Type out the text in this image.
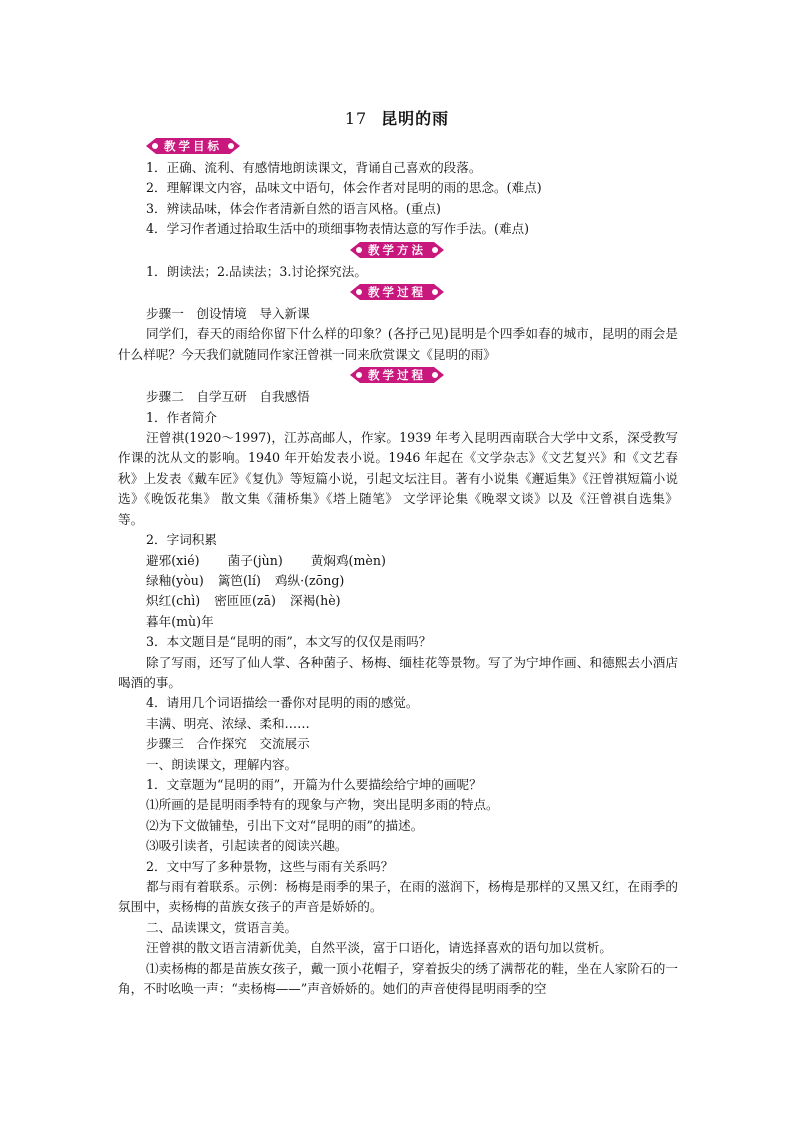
17 昆明的雨
教学目标
1．正确、流利、有感情地朗读课文，背诵自己喜欢的段落。
2．理解课文内容，品味文中语句，体会作者对昆明的雨的思念。(难点)
3．辨读品味，体会作者清新自然的语言风格。(重点)
4．学习作者通过拾取生活中的琐细事物表情达意的写作手法。(难点)
教学方法
1．朗读法；2.品读法；3.讨论探究法。
教学过程
步骤一　创设情境　导入新课
同学们，春天的雨给你留下什么样的印象？(各抒己见)昆明是个四季如春的城市，昆明的雨会是什么样呢？今天我们就随同作家汪曾祺一同来欣赏课文《昆明的雨》
教学过程
步骤二　自学互研　自我感悟
1．作者简介
汪曾祺(1920～1997)，江苏高邮人，作家。1939 年考入昆明西南联合大学中文系，深受教写作课的沈从文的影响。1940 年开始发表小说。1946 年起在《文学杂志》《文艺复兴》和《文艺春秋》上发表《戴车匠》《复仇》等短篇小说，引起文坛注目。著有小说集《邂逅集》《汪曾祺短篇小说选》《晚饭花集》 散文集《蒲桥集》《塔上随笔》 文学评论集《晚翠文谈》以及《汪曾祺自选集》等。
2．字词积累
避邪(xié) 菌子(jùn) 黄焖鸡(mèn)
绿釉(yòu) 篱笆(lí) 鸡纵·(zōng)
炽红(chì) 密匝匝(zā) 深褐(hè)
暮年(mù)年
3．本文题目是“昆明的雨”，本文写的仅仅是雨吗？
除了写雨，还写了仙人掌、各种菌子、杨梅、缅桂花等景物。写了为宁坤作画、和德熙去小酒店喝酒的事。
4．请用几个词语描绘一番你对昆明的雨的感觉。
丰满、明亮、浓绿、柔和……
步骤三　合作探究　交流展示
一、朗读课文，理解内容。
1．文章题为“昆明的雨”，开篇为什么要描绘给宁坤的画呢？
⑴所画的是昆明雨季特有的现象与产物，突出昆明多雨的特点。
⑵为下文做铺垫，引出下文对“昆明的雨”的描述。
⑶吸引读者，引起读者的阅读兴趣。
2．文中写了多种景物，这些与雨有关系吗？
都与雨有着联系。示例：杨梅是雨季的果子，在雨的滋润下，杨梅是那样的又黑又红，在雨季的氛围中，卖杨梅的苗族女孩子的声音是娇娇的。
二、品读课文，赏语言美。
汪曾祺的散文语言清新优美，自然平淡，富于口语化，请选择喜欢的语句加以赏析。
⑴卖杨梅的都是苗族女孩子，戴一顶小花帽子，穿着扳尖的绣了满帮花的鞋，坐在人家阶石的一角，不时吆唤一声：“卖杨梅——”声音娇娇的。她们的声音使得昆明雨季的空
